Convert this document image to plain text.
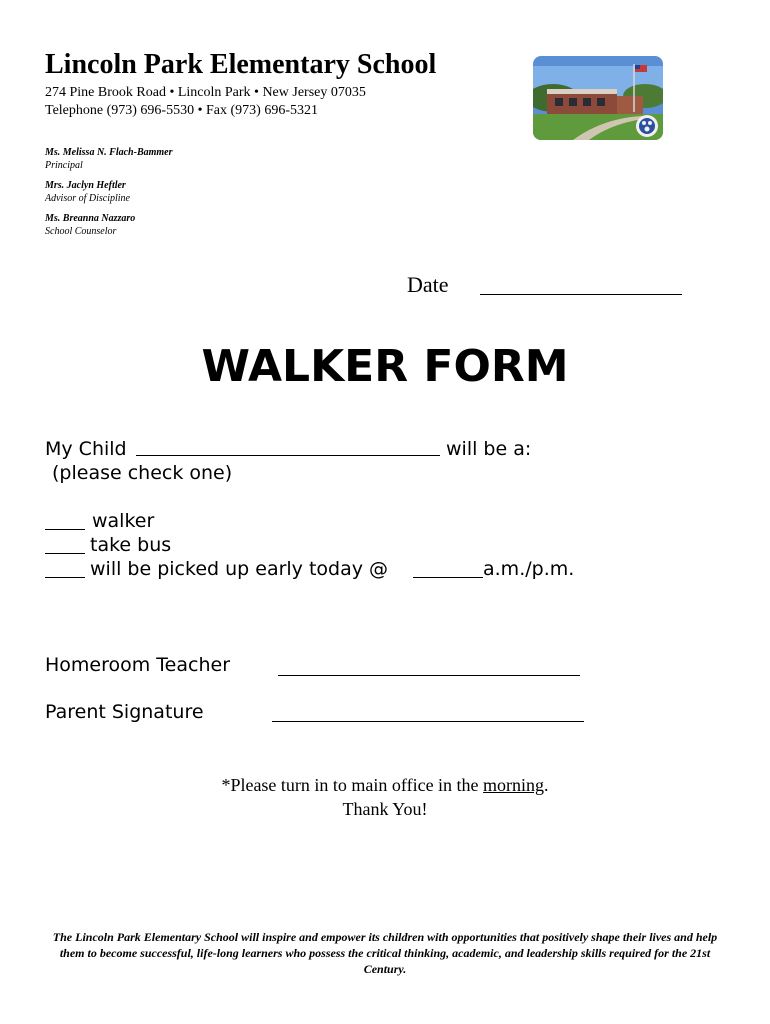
Lincoln Park Elementary School
274 Pine Brook Road • Lincoln Park • New Jersey 07035
Telephone (973) 696-5530 • Fax (973) 696-5321
Ms. Melissa N. Flach-Bammer
Principal
Mrs. Jaclyn Heftler
Advisor of Discipline
Ms. Breanna Nazzaro
School Counselor
Date
WALKER FORM
My Child	will be a:
(please check one)
walker
take bus
will be picked up early today @	a.m./p.m.
Homeroom Teacher
Parent Signature
*Please turn in to main office in the morning.
Thank You!
The Lincoln Park Elementary School will inspire and empower its children with opportunities that positively shape their lives and help them to become successful, life-long learners who possess the critical thinking, academic, and leadership skills required for the 21st Century.
